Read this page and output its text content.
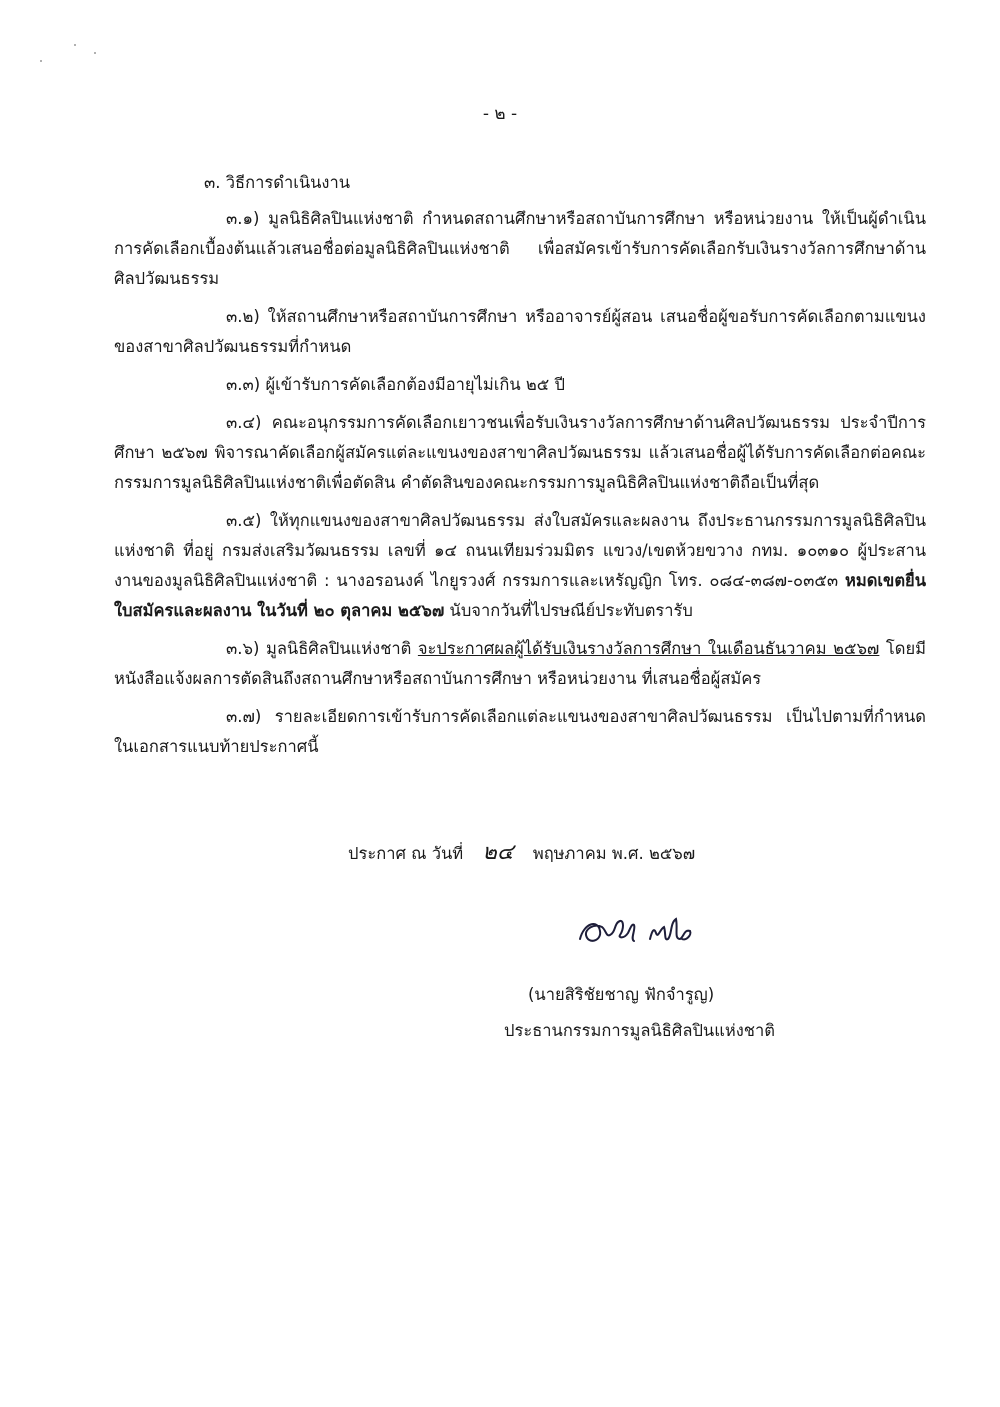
- ๒ -
๓. วิธีการดำเนินงาน

๓.๑) มูลนิธิศิลปินแห่งชาติ กำหนดสถานศึกษาหรือสถาบันการศึกษา หรือหน่วยงาน ให้เป็นผู้ดำเนินการคัดเลือกเบื้องต้นแล้วเสนอชื่อต่อมูลนิธิศิลปินแห่งชาติ เพื่อสมัครเข้ารับการคัดเลือกรับเงินรางวัลการศึกษาด้านศิลปวัฒนธรรม

๓.๒) ให้สถานศึกษาหรือสถาบันการศึกษา หรืออาจารย์ผู้สอน เสนอชื่อผู้ขอรับการคัดเลือกตามแขนงของสาขาศิลปวัฒนธรรมที่กำหนด

๓.๓) ผู้เข้ารับการคัดเลือกต้องมีอายุไม่เกิน ๒๕ ปี

๓.๔) คณะอนุกรรมการคัดเลือกเยาวชนเพื่อรับเงินรางวัลการศึกษาด้านศิลปวัฒนธรรม ประจำปีการศึกษา ๒๕๖๗ พิจารณาคัดเลือกผู้สมัครแต่ละแขนงของสาขาศิลปวัฒนธรรม แล้วเสนอชื่อผู้ได้รับการคัดเลือกต่อคณะกรรมการมูลนิธิศิลปินแห่งชาติเพื่อตัดสิน คำตัดสินของคณะกรรมการมูลนิธิศิลปินแห่งชาติถือเป็นที่สุด

๓.๕) ให้ทุกแขนงของสาขาศิลปวัฒนธรรม ส่งใบสมัครและผลงาน ถึงประธานกรรมการมูลนิธิศิลปินแห่งชาติ ที่อยู่ กรมส่งเสริมวัฒนธรรม เลขที่ ๑๔ ถนนเทียมร่วมมิตร แขวง/เขตห้วยขวาง กทม. ๑๐๓๑๐ ผู้ประสานงานของมูลนิธิศิลปินแห่งชาติ : นางอรอนงค์ ไกยูรวงศ์ กรรมการและเหรัญญิก โทร. ๐๘๔-๓๘๗-๐๓๕๓ หมดเขตยื่นใบสมัครและผลงาน ในวันที่ ๒๐ ตุลาคม ๒๕๖๗ นับจากวันที่ไปรษณีย์ประทับตรารับ

๓.๖) มูลนิธิศิลปินแห่งชาติ จะประกาศผลผู้ได้รับเงินรางวัลการศึกษา ในเดือนธันวาคม ๒๕๖๗ โดยมีหนังสือแจ้งผลการตัดสินถึงสถานศึกษาหรือสถาบันการศึกษา หรือหน่วยงาน ที่เสนอชื่อผู้สมัคร

๓.๗) รายละเอียดการเข้ารับการคัดเลือกแต่ละแขนงของสาขาศิลปวัฒนธรรม เป็นไปตามที่กำหนดในเอกสารแนบท้ายประกาศนี้

ประกาศ ณ วันที่ ๒๔ พฤษภาคม พ.ศ. ๒๕๖๗
(นายสิริชัยชาญ ฟักจำรูญ)
ประธานกรรมการมูลนิธิศิลปินแห่งชาติ
